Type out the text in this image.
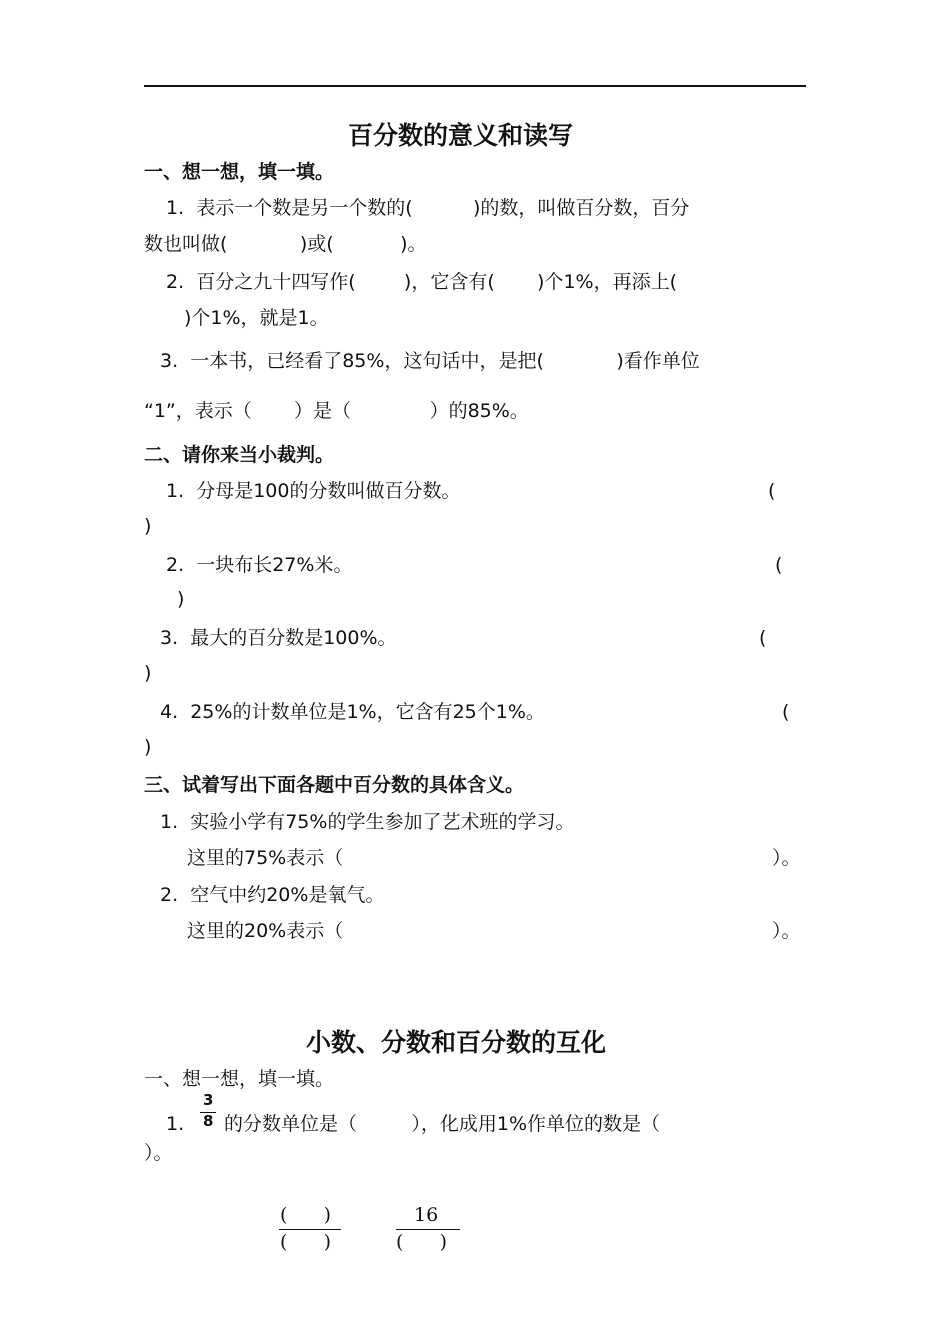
百分数的意义和读写
一、想一想，填一填。
1.  表示一个数是另一个数的(          )的数，叫做百分数，百分
数也叫做(            )或(           )。
2.  百分之九十四写作(        )，它含有(       )个1%，再添上(
)个1%，就是1。
3.  一本书，已经看了85%，这句话中，是把(            )看作单位
“1”，表示（       ）是（             ）的85%。
二、请你来当小裁判。
1.  分母是100的分数叫做百分数。	(
)
2.  一块布长27%米。	(
)
3.  最大的百分数是100%。	(
)
4.  25%的计数单位是1%，它含有25个1%。	(
)
三、试着写出下面各题中百分数的具体含义。
1.  实验小学有75%的学生参加了艺术班的学习。
这里的75%表示（	）。
2.  空气中约20%是氧气。
这里的20%表示（	）。
小数、分数和百分数的互化
一、想一想，填一填。
1.
3
8 的分数单位是（         ），化成用1%作单位的数是（
）。
(      )
(      )
16
(      )
